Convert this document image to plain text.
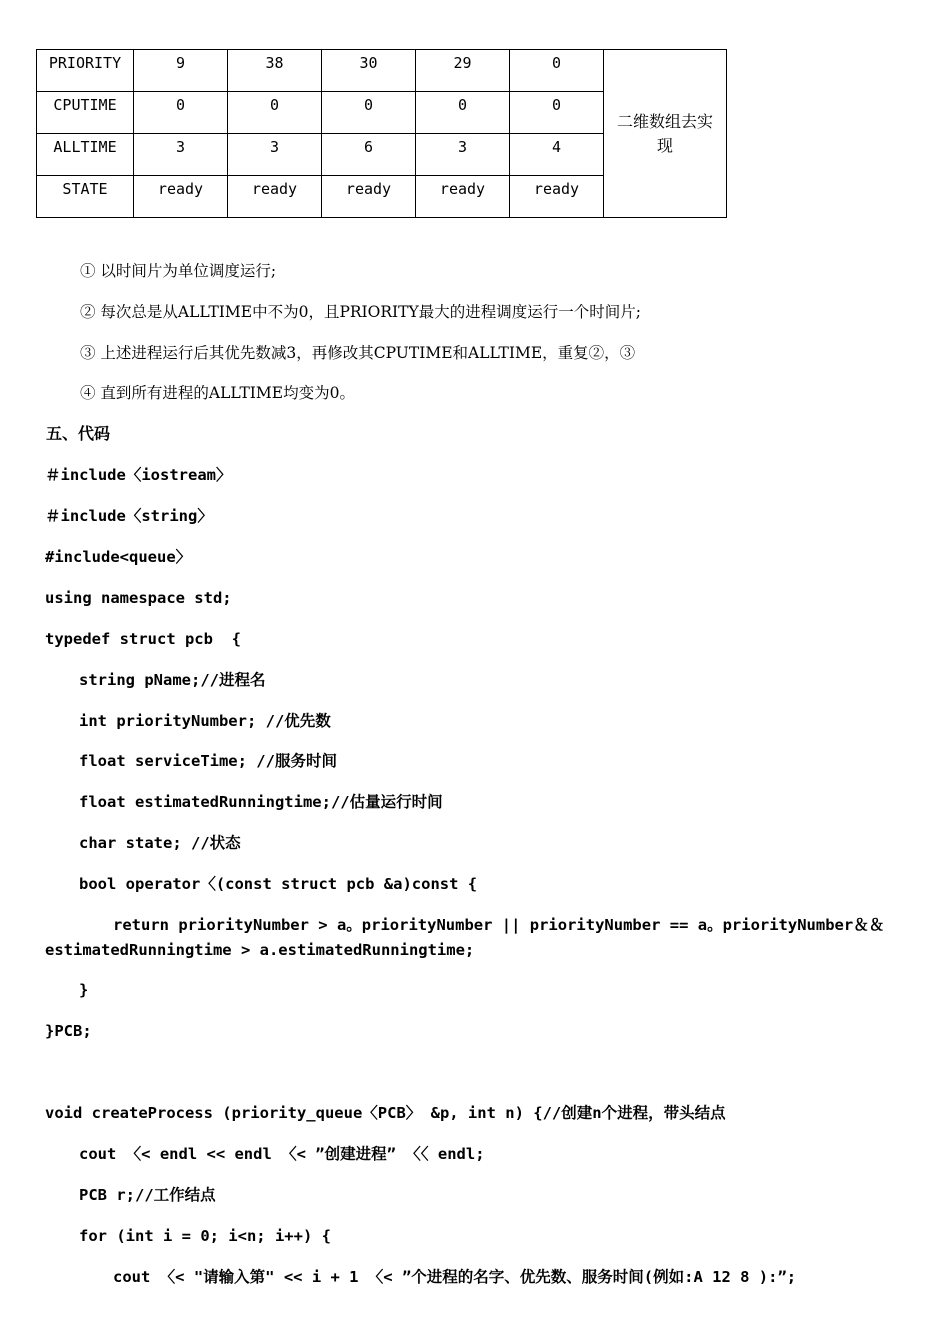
PRIORITY	9	38	30	29	0	二维数组去实现
CPUTIME	0	0	0	0	0	
ALLTIME	3	3	6	3	4	
STATE	ready	ready	ready	ready	ready	
① 以时间片为单位调度运行;
② 每次总是从ALLTIME中不为0，且PRIORITY最大的进程调度运行一个时间片;
③ 上述进程运行后其优先数减3，再修改其CPUTIME和ALLTIME，重复②，③
④ 直到所有进程的ALLTIME均变为0。
五、代码
＃include〈iostream〉
＃include〈string〉
#include<queue〉
using namespace std;
typedef struct pcb  {
string pName;//进程名
int priorityNumber; //优先数
float serviceTime; //服务时间
float estimatedRunningtime;//估量运行时间
char state; //状态
bool operator〈(const struct pcb &a)const {
return priorityNumber > a。priorityNumber || priorityNumber == a。priorityNumber＆＆
estimatedRunningtime > a.estimatedRunningtime;
}
}PCB;
void createProcess (priority_queue〈PCB〉 &p, int n) {//创建n个进程，带头结点
cout 〈< endl << endl 〈< ”创建进程” 〈〈 endl;
PCB r;//工作结点
for (int i = 0; i<n; i++) {
cout 〈< "请输入第" << i + 1 〈< ”个进程的名字、优先数、服务时间(例如:A 12 8 ):”;
